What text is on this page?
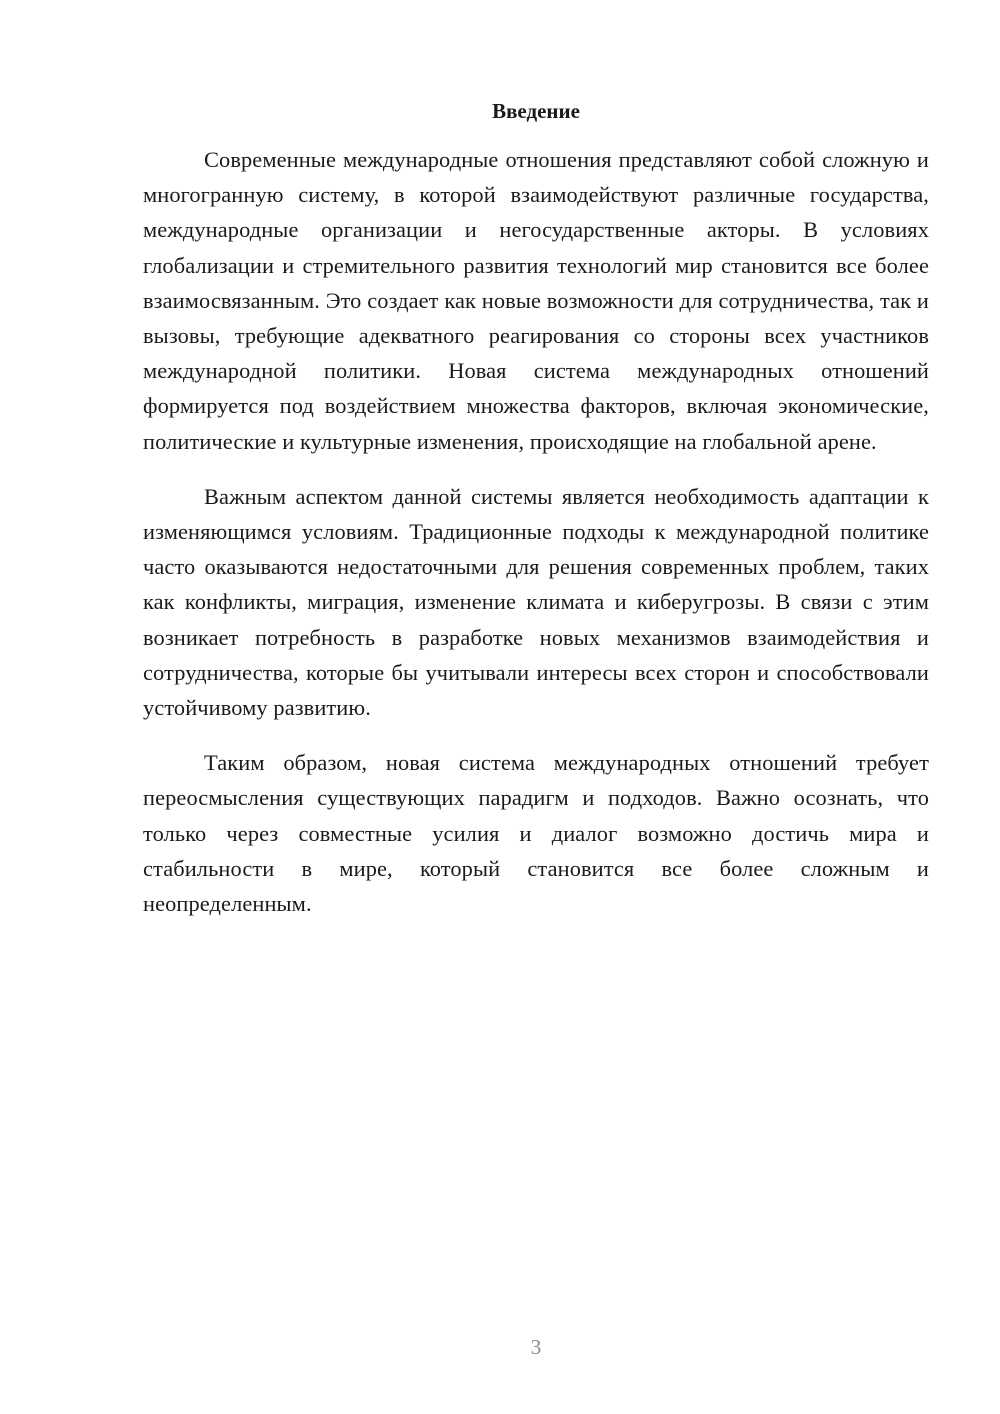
Введение

Современные международные отношения представляют собой сложную и многогранную систему, в которой взаимодействуют различные государства, международные организации и негосударственные акторы. В условиях глобализации и стремительного развития технологий мир становится все более взаимосвязанным. Это создает как новые возможности для сотрудничества, так и вызовы, требующие адекватного реагирования со стороны всех участников международной политики. Новая система международных отношений формируется под воздействием множества факторов, включая экономические, политические и культурные изменения, происходящие на глобальной арене.

Важным аспектом данной системы является необходимость адаптации к изменяющимся условиям. Традиционные подходы к международной политике часто оказываются недостаточными для решения современных проблем, таких как конфликты, миграция, изменение климата и киберугрозы. В связи с этим возникает потребность в разработке новых механизмов взаимодействия и сотрудничества, которые бы учитывали интересы всех сторон и способствовали устойчивому развитию.

Таким образом, новая система международных отношений требует переосмысления существующих парадигм и подходов. Важно осознать, что только через совместные усилия и диалог возможно достичь мира и стабильности в мире, который становится все более сложным и неопределенным.

3
